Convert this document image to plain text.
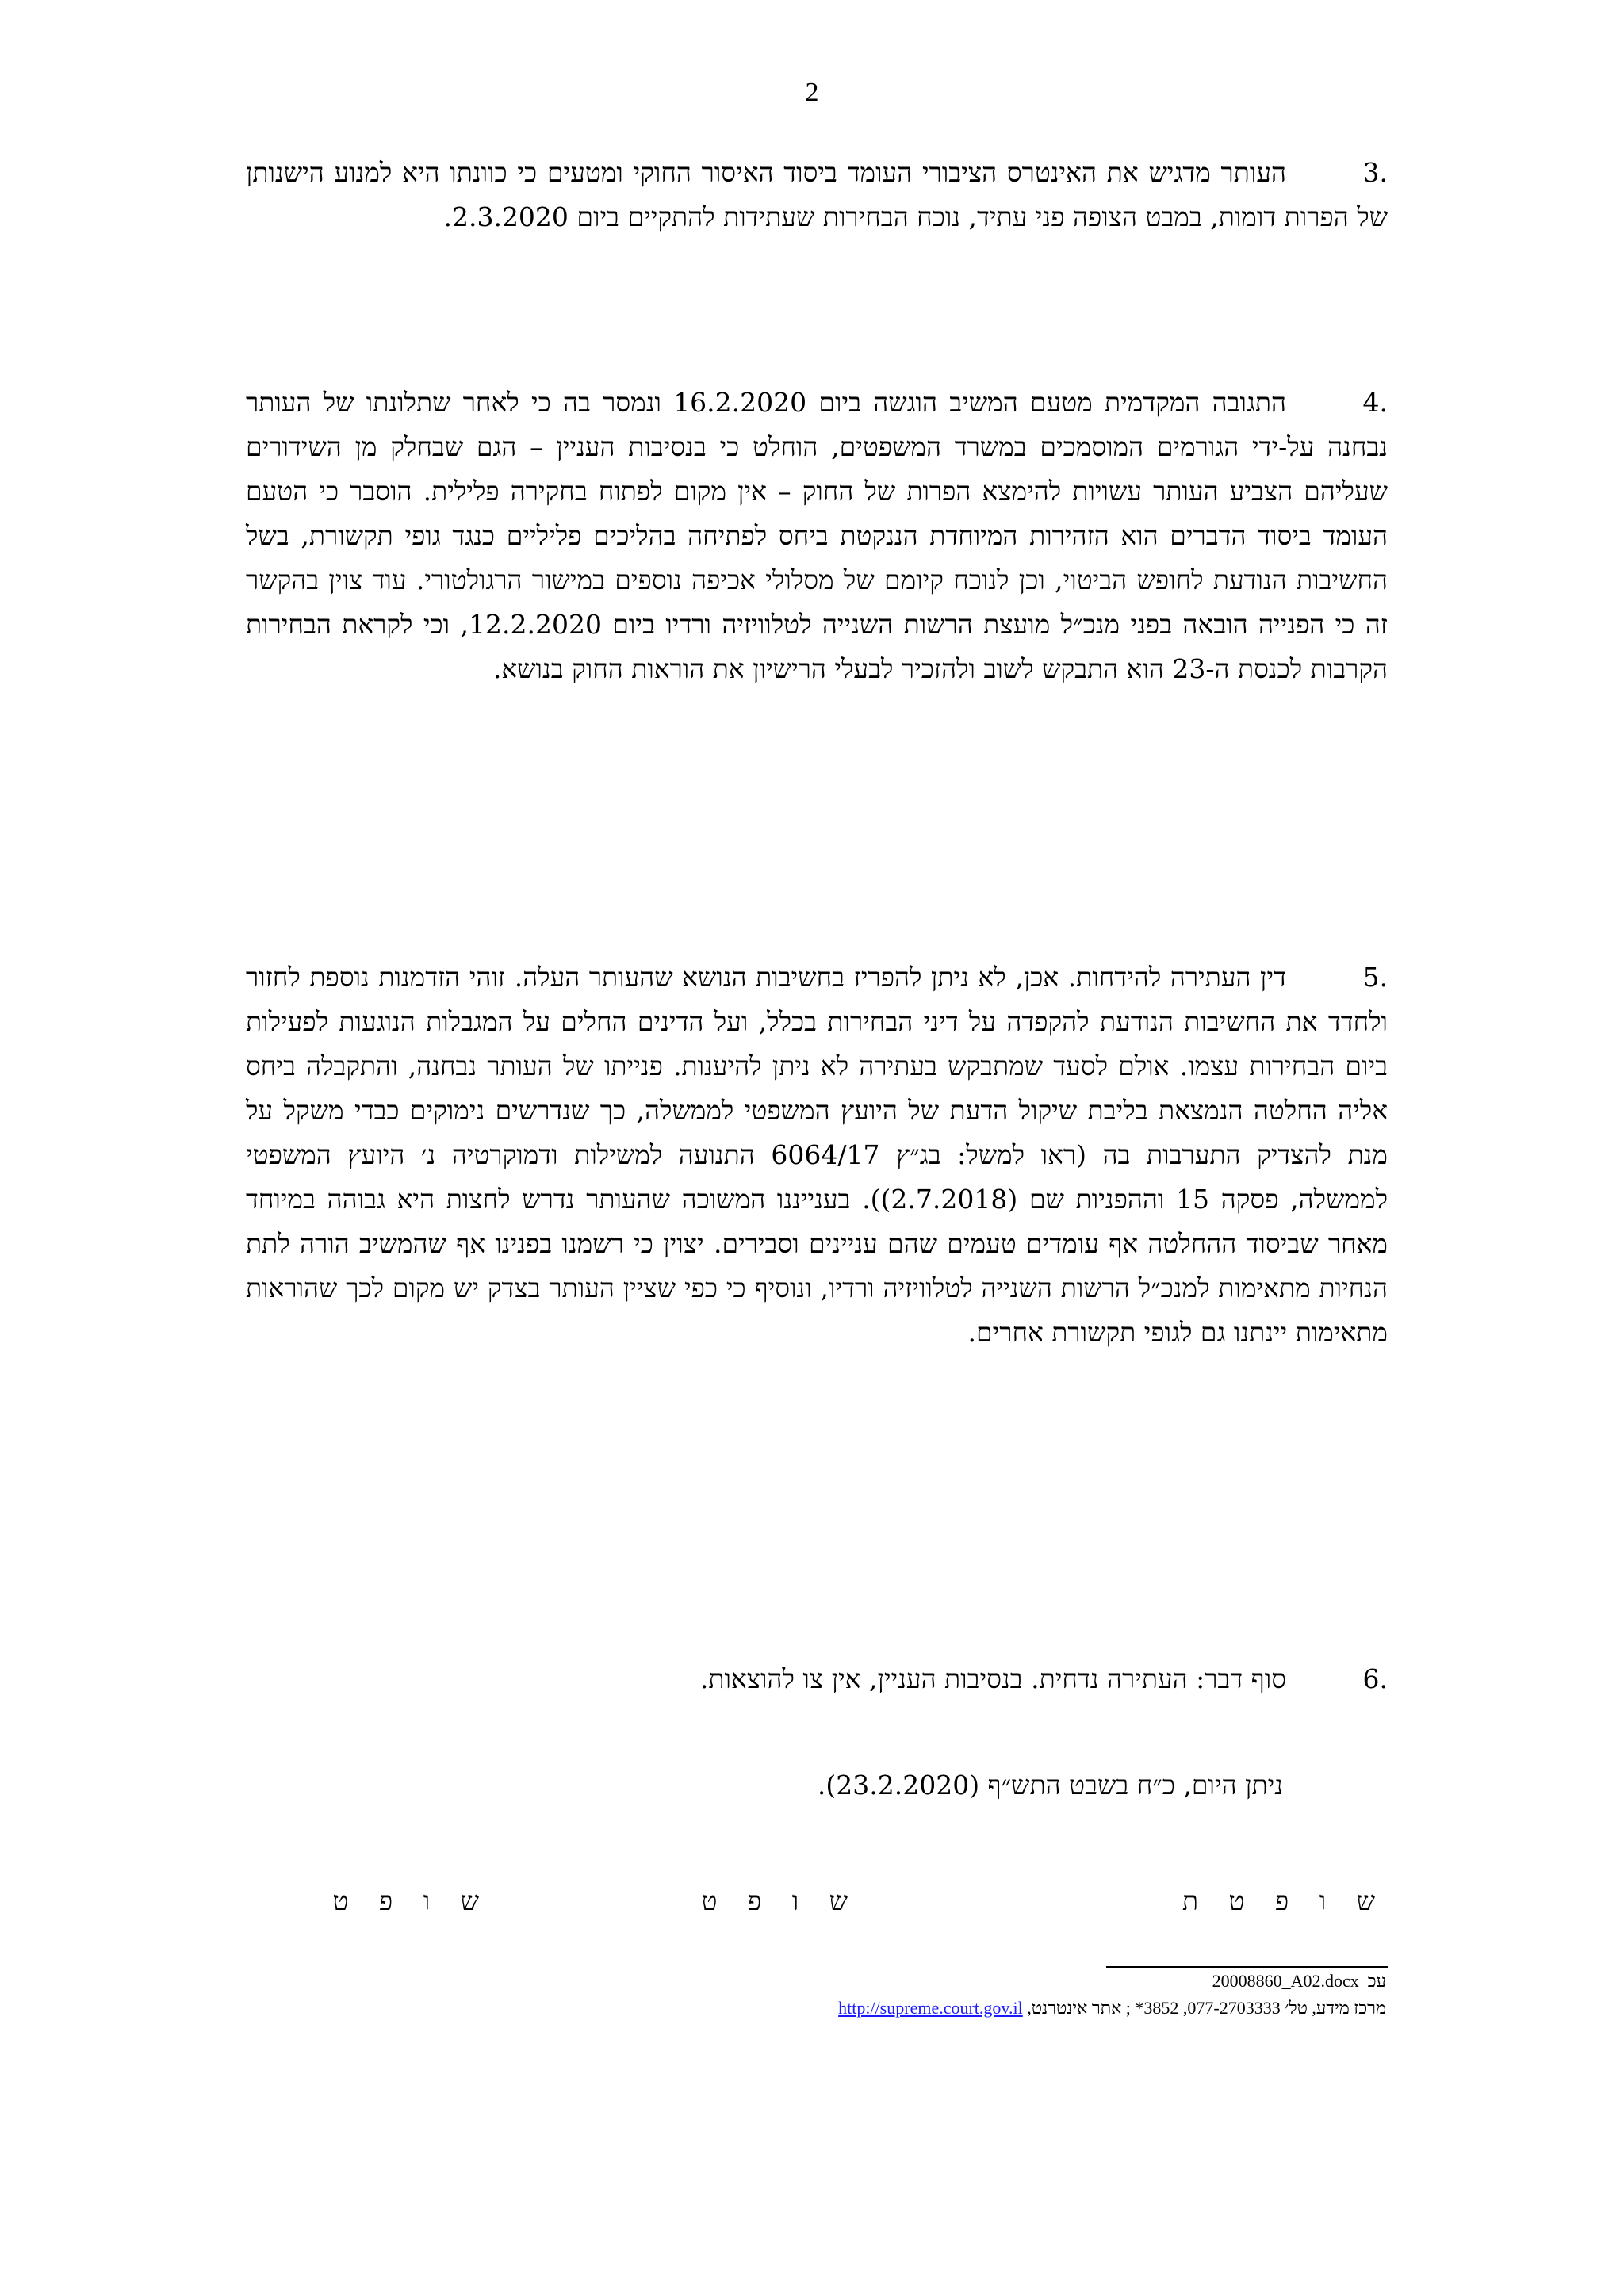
2
.3העותר מדגיש את האינטרס הציבורי העומד ביסוד האיסור החוקי ומטעים כי כוונתו היא למנוע הישנותן של הפרות דומות, במבט הצופה פני עתיד, נוכח הבחירות שעתידות להתקיים ביום 2.3.2020.
.4התגובה המקדמית מטעם המשיב הוגשה ביום 16.2.2020 ונמסר בה כי לאחר שתלונתו של העותר נבחנה על-ידי הגורמים המוסמכים במשרד המשפטים, הוחלט כי בנסיבות העניין – הגם שבחלק מן השידורים שעליהם הצביע העותר עשויות להימצא הפרות של החוק – אין מקום לפתוח בחקירה פלילית. הוסבר כי הטעם העומד ביסוד הדברים הוא הזהירות המיוחדת הננקטת ביחס לפתיחה בהליכים פליליים כנגד גופי תקשורת, בשל החשיבות הנודעת לחופש הביטוי, וכן לנוכח קיומם של מסלולי אכיפה נוספים במישור הרגולטורי. עוד צוין בהקשר זה כי הפנייה הובאה בפני מנכ״ל מועצת הרשות השנייה לטלוויזיה ורדיו ביום 12.2.2020, וכי לקראת הבחירות הקרבות לכנסת ה-23 הוא התבקש לשוב ולהזכיר לבעלי הרישיון את הוראות החוק בנושא.
.5דין העתירה להידחות. אכן, לא ניתן להפריז בחשיבות הנושא שהעותר העלה. זוהי הזדמנות נוספת לחזור ולחדד את החשיבות הנודעת להקפדה על דיני הבחירות בכלל, ועל הדינים החלים על המגבלות הנוגעות לפעילות ביום הבחירות עצמו. אולם לסעד שמתבקש בעתירה לא ניתן להיענות. פנייתו של העותר נבחנה, והתקבלה ביחס אליה החלטה הנמצאת בליבת שיקול הדעת של היועץ המשפטי לממשלה, כך שנדרשים נימוקים כבדי משקל על מנת להצדיק התערבות בה (ראו למשל: בג״ץ 6064/17 התנועה למשילות ודמוקרטיה נ׳ היועץ המשפטי לממשלה, פסקה 15 וההפניות שם (2.7.2018)). בענייננו המשוכה שהעותר נדרש לחצות היא גבוהה במיוחד מאחר שביסוד ההחלטה אף עומדים טעמים שהם עניינים וסבירים. יצוין כי רשמנו בפנינו אף שהמשיב הורה לתת הנחיות מתאימות למנכ״ל הרשות השנייה לטלוויזיה ורדיו, ונוסיף כי כפי שציין העותר בצדק יש מקום לכך שהוראות מתאימות יינתנו גם לגופי תקשורת אחרים.
.6סוף דבר: העתירה נדחית. בנסיבות העניין, אין צו להוצאות.
ניתן היום, כ״ח בשבט התש״ף (23.2.2020).
ש ו פ ט ת
ש ו פ ט
ש ו פ ט
עכ  20008860_A02.docx
מרכז מידע, טל׳ 077-2703333, 3852* ; אתר אינטרנט, http://supreme.court.gov.il
